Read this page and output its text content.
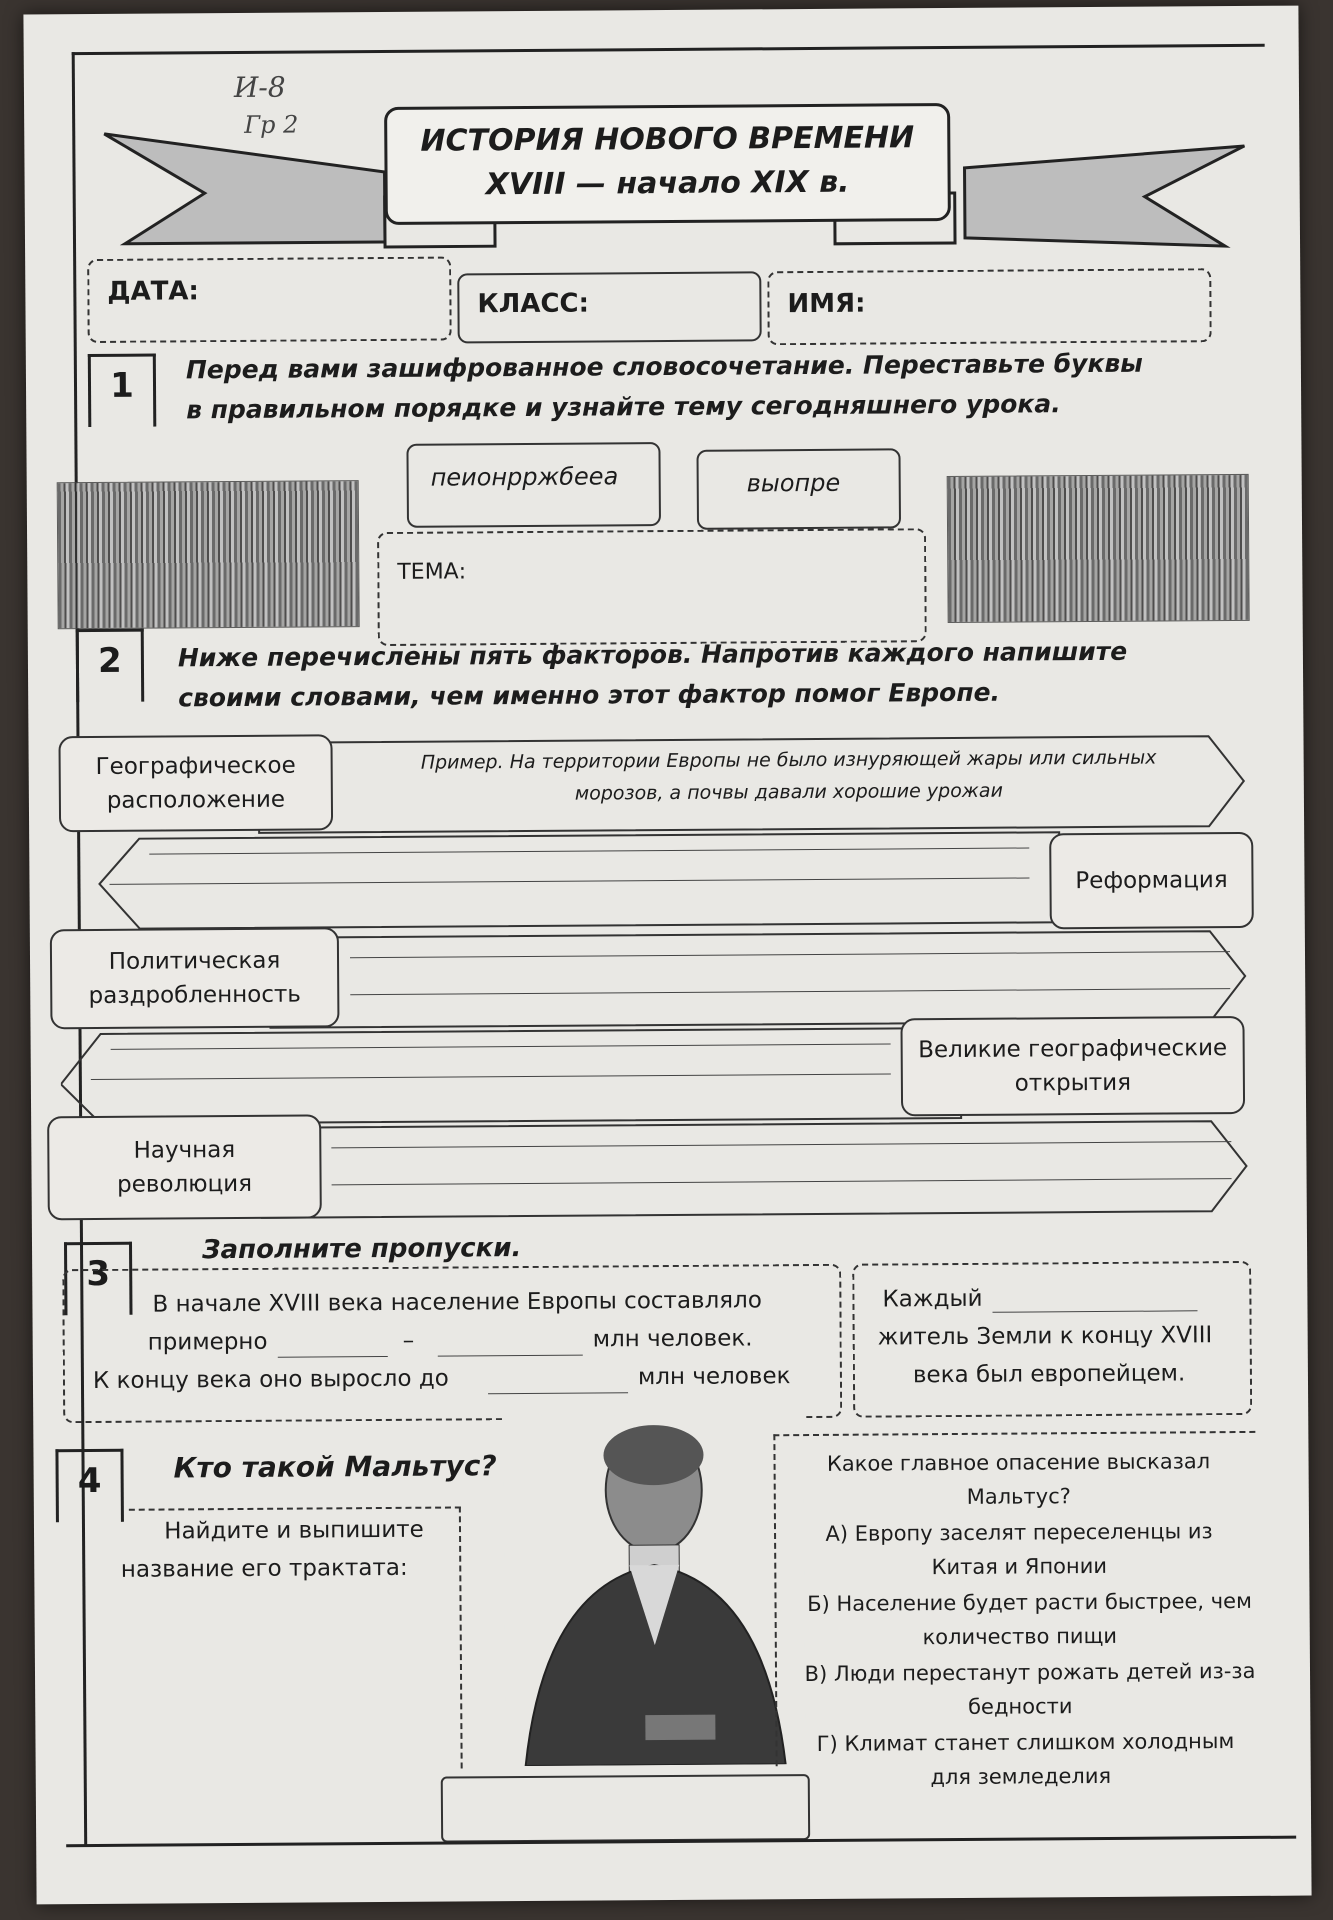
И-8
Гр 2	ИСТОРИЯ НОВОГО ВРЕМЕНИ
XVIII — начало XIX в.
ДАТА:	КЛАСС:	ИМЯ:
1	Перед вами зашифрованное словосочетание. Переставьте буквы
в правильном порядке и узнайте тему сегодняшнего урока.
пеионрржбеea	выопре
ТЕМА:
2	Ниже перечислены пять факторов. Напротив каждого напишите
своими словами, чем именно этот фактор помог Европе.
Пример. На территории Европы не было изнуряющей жары или сильных
морозов, а почвы давали хорошие урожаи
Географическое
расположение
Реформация
Политическая
раздробленность
Великие географические
открытия
Научная
революция
3
Заполните пропуски.
В начале XVIII века население Европы составляло
примерно	–	млн человек.
К концу века оно выросло до	млн человек
Каждый
житель Земли к концу XVIII
века был европейцем.
4	Кто такой Мальтус?
Найдите и выпишите
название его трактата:
Какое главное опасение высказал
Мальтус?
А) Европу заселят переселенцы из
Китая и Японии
Б) Население будет расти быстрее, чем
количество пищи
В) Люди перестанут рожать детей из-за
бедности
Г) Климат станет слишком холодным
для земледелия
